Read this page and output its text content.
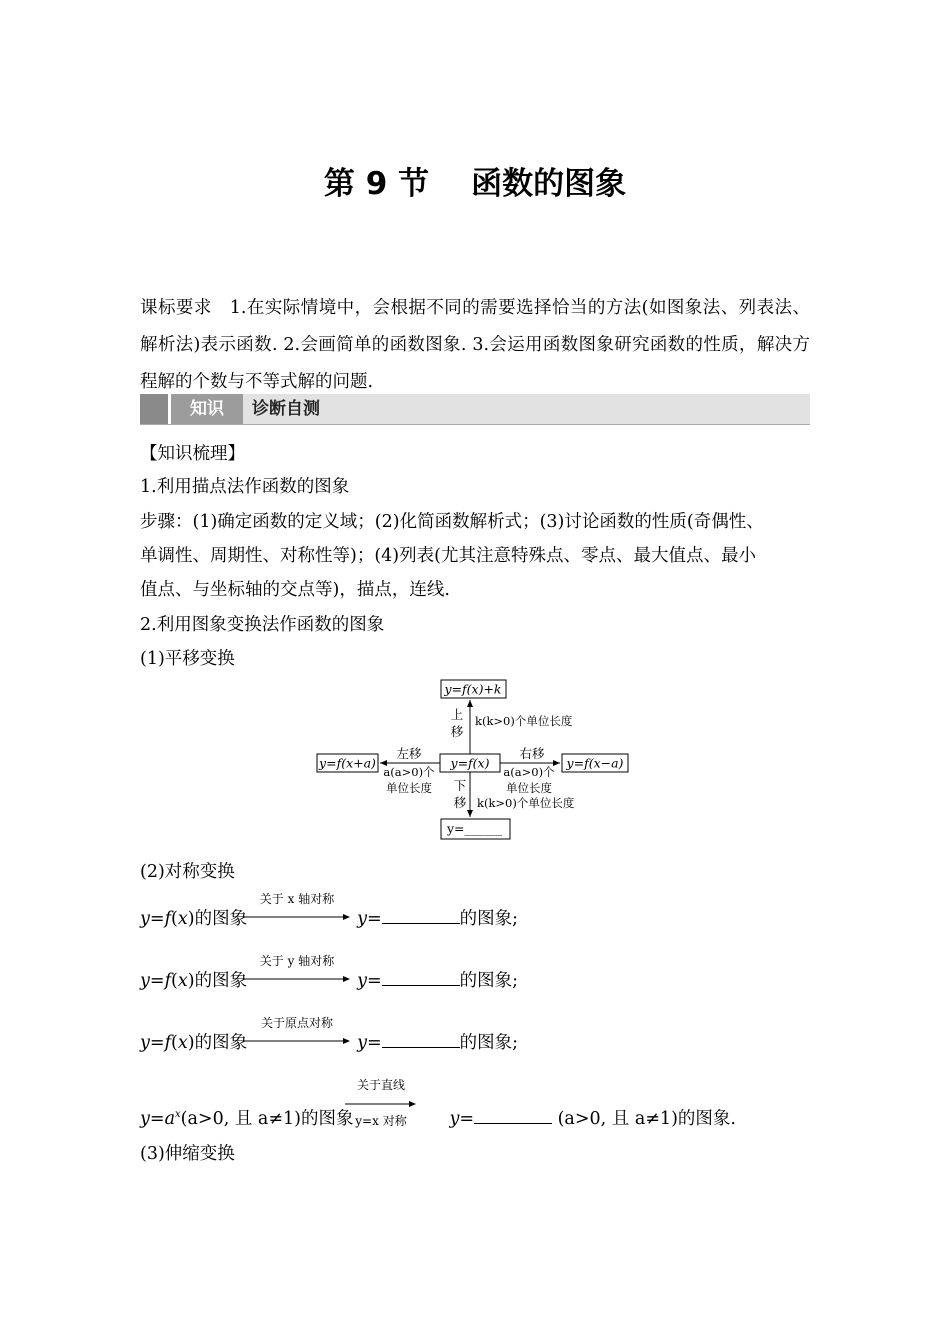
第 9 节 函数的图象
课标要求 1.在实际情境中，会根据不同的需要选择恰当的方法(如图象法、列表法、解析法)表示函数. 2.会画简单的函数图象. 3.会运用函数图象研究函数的性质，解决方程解的个数与不等式解的问题.
知识	诊断自测
【知识梳理】
1.利用描点法作函数的图象
步骤：(1)确定函数的定义域；(2)化简函数解析式；(3)讨论函数的性质(奇偶性、
单调性、周期性、对称性等)；(4)列表(尤其注意特殊点、零点、最大值点、最小
值点、与坐标轴的交点等)，描点，连线.
2.利用图象变换法作函数的图象
(1)平移变换
y=f(x)+k
y=f(x)
y=f(x+a)	y=f(x−a)
y=______
上
移
k(k>0)个单位长度
下
移 k(k>0)个单位长度
左移
a(a>0)个
单位长度
右移
a(a>0)个
单位长度
(2)对称变换
y=f(x)的图象	y=	的图象;
关于 x 轴对称
y=f(x)的图象	y=	的图象;
关于 y 轴对称
y=f(x)的图象	y=	的图象;
关于原点对称
$y=a^x(a>0$, 且 a≠1)的图象	y=	(a>0, 且 a≠1)的图象.
关于直线
y=x 对称
(3)伸缩变换
